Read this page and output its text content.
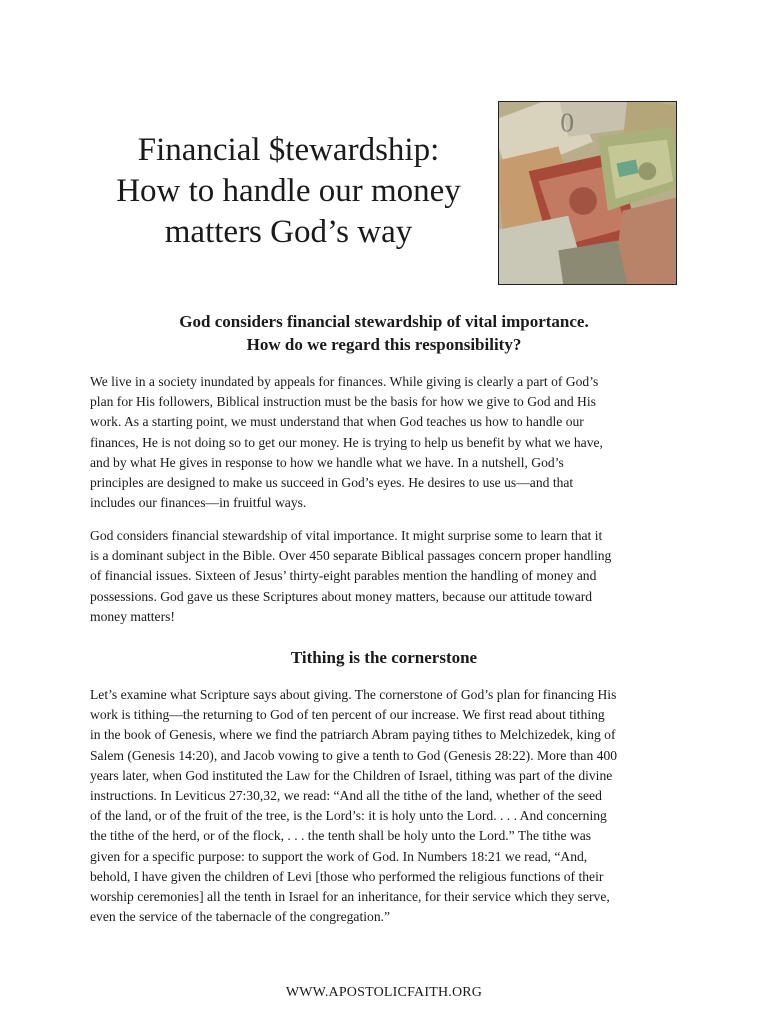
Financial $tewardship:
How to handle our money
matters God’s way
0
God considers financial stewardship of vital importance.
How do we regard this responsibility?
We live in a society inundated by appeals for finances. While giving is clearly a part of God’s
plan for His followers, Biblical instruction must be the basis for how we give to God and His
work. As a starting point, we must understand that when God teaches us how to handle our
finances, He is not doing so to get our money. He is trying to help us benefit by what we have,
and by what He gives in response to how we handle what we have. In a nutshell, God’s
principles are designed to make us succeed in God’s eyes. He desires to use us—and that
includes our finances—in fruitful ways.
God considers financial stewardship of vital importance. It might surprise some to learn that it
is a dominant subject in the Bible. Over 450 separate Biblical passages concern proper handling
of financial issues. Sixteen of Jesus’ thirty-eight parables mention the handling of money and
possessions. God gave us these Scriptures about money matters, because our attitude toward
money matters!
Tithing is the cornerstone
Let’s examine what Scripture says about giving. The cornerstone of God’s plan for financing His
work is tithing—the returning to God of ten percent of our increase. We first read about tithing
in the book of Genesis, where we find the patriarch Abram paying tithes to Melchizedek, king of
Salem (Genesis 14:20), and Jacob vowing to give a tenth to God (Genesis 28:22). More than 400
years later, when God instituted the Law for the Children of Israel, tithing was part of the divine
instructions. In Leviticus 27:30,32, we read: “And all the tithe of the land, whether of the seed
of the land, or of the fruit of the tree, is the Lord’s: it is holy unto the Lord. . . . And concerning
the tithe of the herd, or of the flock, . . . the tenth shall be holy unto the Lord.” The tithe was
given for a specific purpose: to support the work of God. In Numbers 18:21 we read, “And,
behold, I have given the children of Levi [those who performed the religious functions of their
worship ceremonies] all the tenth in Israel for an inheritance, for their service which they serve,
even the service of the tabernacle of the congregation.”
WWW.APOSTOLICFAITH.ORG
